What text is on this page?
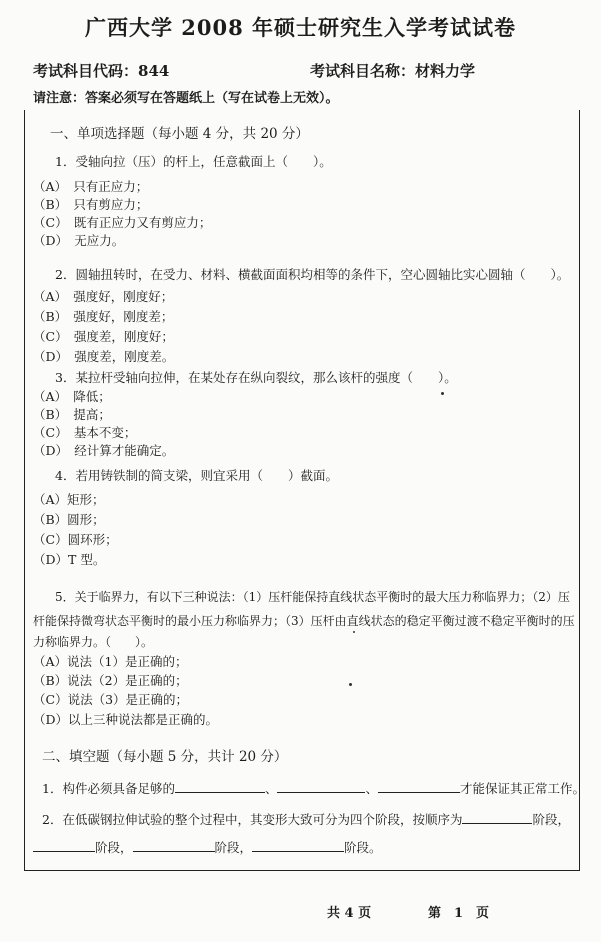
广西大学 2008 年硕士研究生入学考试试卷
考试科目代码：844	考试科目名称：材料力学
请注意：答案必须写在答题纸上（写在试卷上无效）。
一、单项选择题（每小题 4 分，共 20 分）
1．受轴向拉（压）的杆上，任意截面上（　　）。
（A）　只有正应力；
（B）　只有剪应力；
（C）　既有正应力又有剪应力；
（D）　无应力。
2．圆轴扭转时，在受力、材料、横截面面积均相等的条件下，空心圆轴比实心圆轴（　　）。
（A）　强度好，刚度好；
（B）　强度好，刚度差；
（C）　强度差，刚度好；
（D）　强度差，刚度差。
3．某拉杆受轴向拉伸，在某处存在纵向裂纹，那么该杆的强度（　　）。
（A）　降低；
（B）　提高；
（C）　基本不变；
（D）　经计算才能确定。
4．若用铸铁制的简支梁，则宜采用（　　）截面。
（A）矩形；
（B）圆形；
（C）圆环形；
（D）T 型。
5．关于临界力，有以下三种说法：（1）压杆能保持直线状态平衡时的最大压力称临界力；（2）压
杆能保持微弯状态平衡时的最小压力称临界力；（3）压杆由直线状态的稳定平衡过渡不稳定平衡时的压
力称临界力。（　　）。
（A）说法（1）是正确的；
（B）说法（2）是正确的；
（C）说法（3）是正确的；
（D）以上三种说法都是正确的。
二、填空题（每小题 5 分，共计 20 分）
1．构件必须具备足够的	、	、	才能保证其正常工作。
2．在低碳钢拉伸试验的整个过程中，其变形大致可分为四个阶段，按顺序为	阶段，
阶段，	阶段，	阶段。
共 4 页	第　1　页
